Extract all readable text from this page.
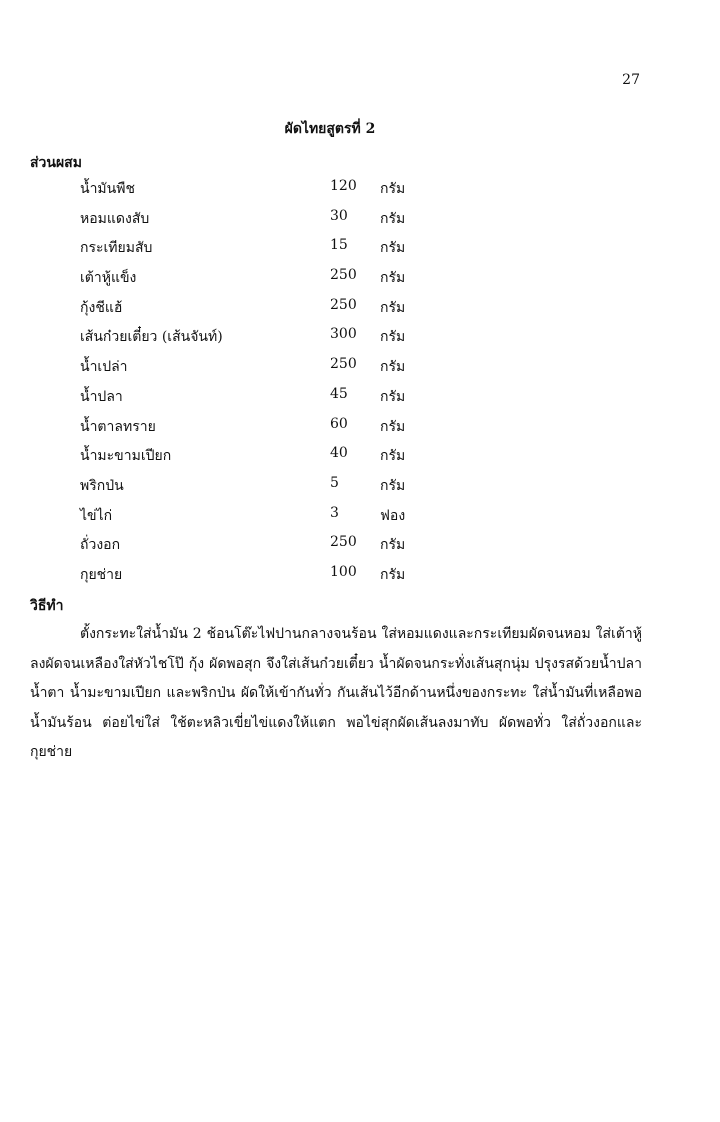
27
ผัดไทยสูตรที่ 2
ส่วนผสม
น้ำมันพืช	120 กรัม
หอมแดงสับ	30 กรัม
กระเทียมสับ	15 กรัม
เต้าหู้แข็ง	250 กรัม
กุ้งชีแฮ้	250 กรัม
เส้นก๋วยเตี๋ยว (เส้นจันท์)	300 กรัม
น้ำเปล่า	250 กรัม
น้ำปลา	45 กรัม
น้ำตาลทราย	60 กรัม
น้ำมะขามเปียก	40 กรัม
พริกป่น	5	กรัม
ไข่ไก่	3	ฟอง
ถั่วงอก	250 กรัม
กุยช่าย	100 กรัม
วิธีทำ

ตั้งกระทะใส่น้ำมัน 2 ช้อนโต๊ะไฟปานกลางจนร้อน ใส่หอมแดงและกระเทียมผัดจนหอม ใส่เต้าหู้ลงผัดจนเหลืองใส่หัวไชโป๊ กุ้ง ผัดพอสุก จึงใส่เส้นก๋วยเตี๋ยว น้ำผัดจนกระทั่งเส้นสุกนุ่ม ปรุงรสด้วยน้ำปลา น้ำตา น้ำมะขามเปียก และพริกป่น ผัดให้เข้ากันทั่ว กันเส้นไว้อีกด้านหนึ่งของกระทะ ใส่น้ำมันที่เหลือพอน้ำมันร้อน ต่อยไข่ใส่ ใช้ตะหลิวเขี่ยไข่แดงให้แตก พอไข่สุกผัดเส้นลงมาทับ ผัดพอทั่ว ใส่ถั่วงอกและกุยช่าย
